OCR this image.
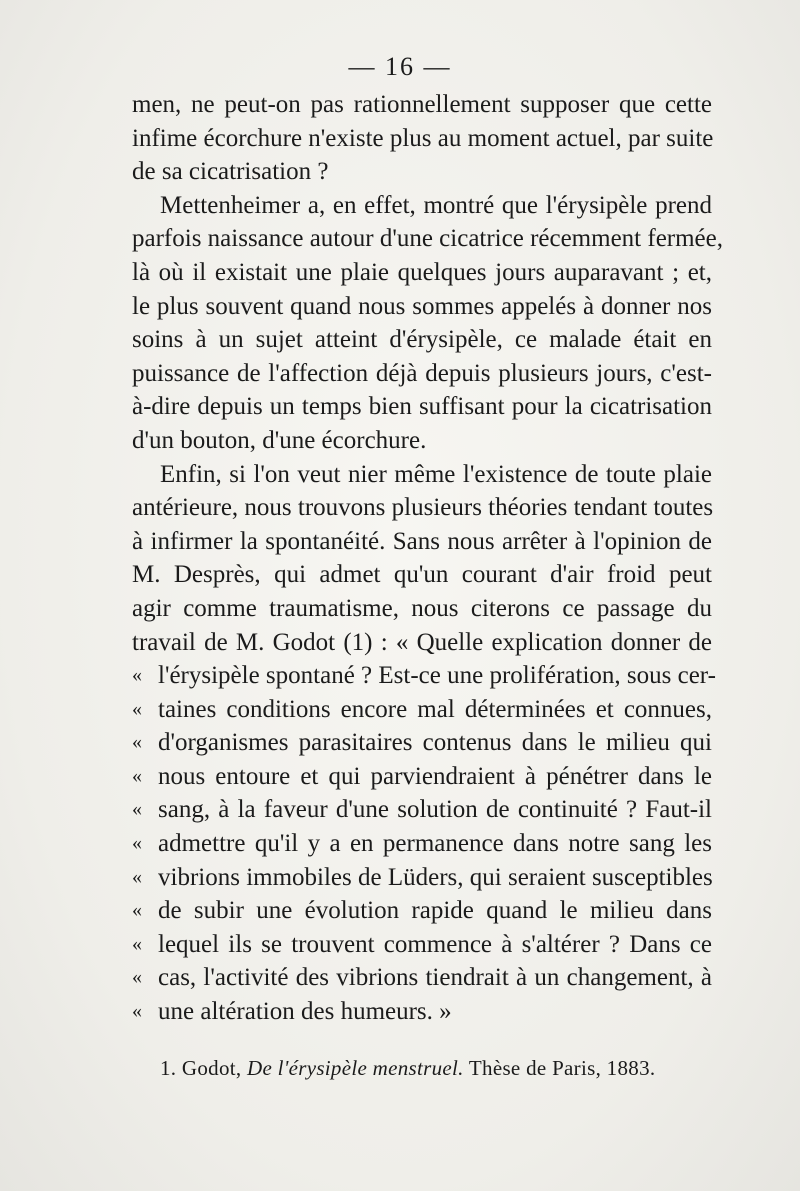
— 16 —
men, ne peut-on pas rationnellement supposer que cette
infime écorchure n'existe plus au moment actuel, par suite
de sa cicatrisation ?
Mettenheimer a, en effet, montré que l'érysipèle prend
parfois naissance autour d'une cicatrice récemment fermée,
là où il existait une plaie quelques jours auparavant ; et,
le plus souvent quand nous sommes appelés à donner nos
soins à un sujet atteint d'érysipèle, ce malade était en
puissance de l'affection déjà depuis plusieurs jours, c'est-
à-dire depuis un temps bien suffisant pour la cicatrisation
d'un bouton, d'une écorchure.
Enfin, si l'on veut nier même l'existence de toute plaie
antérieure, nous trouvons plusieurs théories tendant toutes
à infirmer la spontanéité. Sans nous arrêter à l'opinion de
M. Desprès, qui admet qu'un courant d'air froid peut
agir comme traumatisme, nous citerons ce passage du
travail de M. Godot (1) : « Quelle explication donner de
« l'érysipèle spontané ? Est-ce une prolifération, sous cer-
« taines conditions encore mal déterminées et connues,
« d'organismes parasitaires contenus dans le milieu qui
« nous entoure et qui parviendraient à pénétrer dans le
« sang, à la faveur d'une solution de continuité ? Faut-il
« admettre qu'il y a en permanence dans notre sang les
« vibrions immobiles de Lüders, qui seraient susceptibles
« de subir une évolution rapide quand le milieu dans
« lequel ils se trouvent commence à s'altérer ? Dans ce
« cas, l'activité des vibrions tiendrait à un changement, à
« une altération des humeurs. »
1. Godot, De l'érysipèle menstruel. Thèse de Paris, 1883.
